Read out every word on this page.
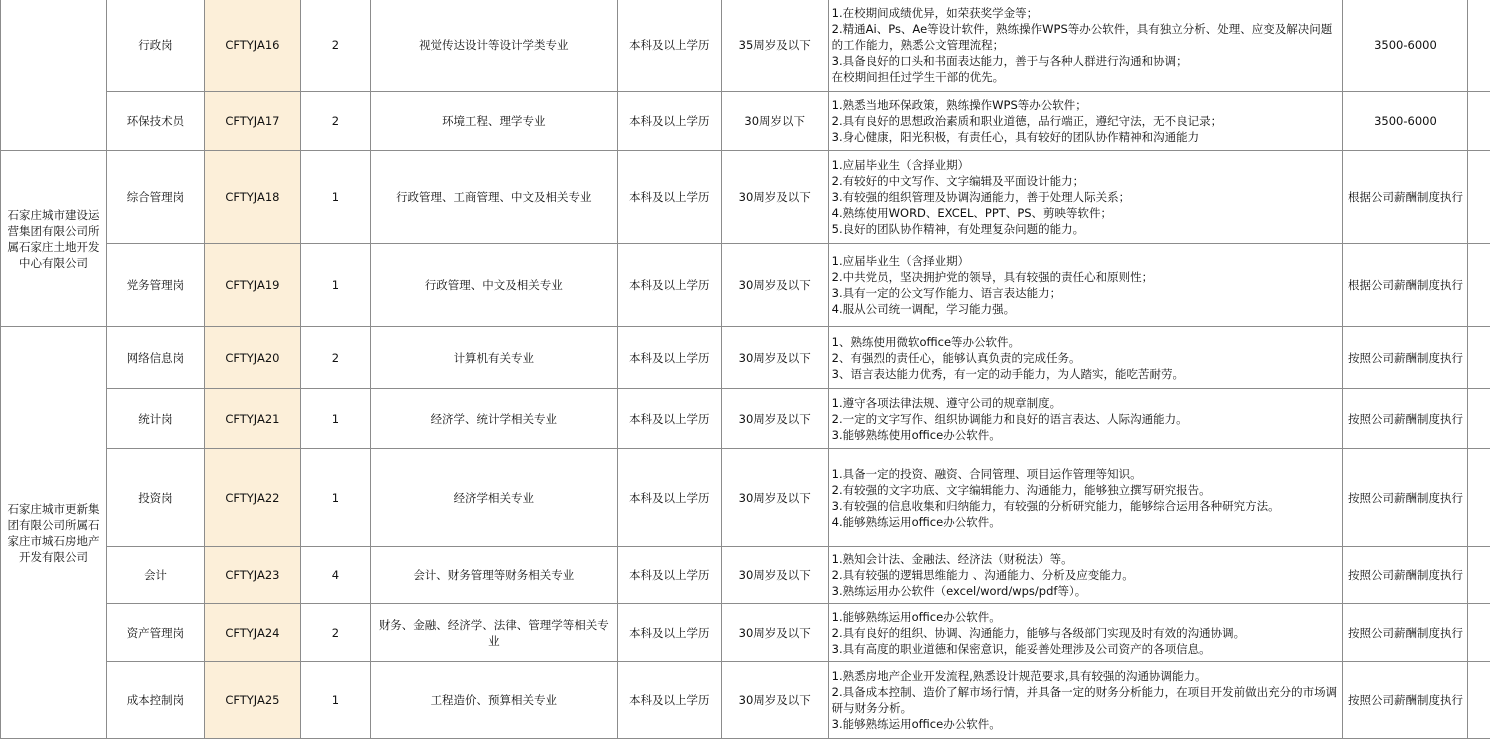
	行政岗	CFTYJA16	2	视觉传达设计等设计学类专业	本科及以上学历	35周岁及以下	1.在校期间成绩优异，如荣获奖学金等；
2.精通Ai、Ps、Ae等设计软件，熟练操作WPS等办公软件，具有独立分析、处理、应变及解决问题的工作能力，熟悉公文管理流程；
3.具备良好的口头和书面表达能力，善于与各种人群进行沟通和协调；
在校期间担任过学生干部的优先。	3500-6000	
	环保技术员	CFTYJA17	2	环境工程、理学专业	本科及以上学历	30周岁以下	1.熟悉当地环保政策，熟练操作WPS等办公软件；
2.具有良好的思想政治素质和职业道德，品行端正，遵纪守法，无不良记录；
3.身心健康，阳光积极，有责任心，具有较好的团队协作精神和沟通能力	3500-6000	
石家庄城市建设运营集团有限公司所属石家庄土地开发中心有限公司	综合管理岗	CFTYJA18	1	行政管理、工商管理、中文及相关专业	本科及以上学历	30周岁及以下	1.应届毕业生（含择业期）
2.有较好的中文写作、文字编辑及平面设计能力；
3.有较强的组织管理及协调沟通能力，善于处理人际关系；
4.熟练使用WORD、EXCEL、PPT、PS、剪映等软件；
5.良好的团队协作精神，有处理复杂问题的能力。	根据公司薪酬制度执行	
	党务管理岗	CFTYJA19	1	行政管理、中文及相关专业	本科及以上学历	30周岁及以下	1.应届毕业生（含择业期）
2.中共党员，坚决拥护党的领导，具有较强的责任心和原则性；
3.具有一定的公文写作能力、语言表达能力；
4.服从公司统一调配，学习能力强。	根据公司薪酬制度执行	
石家庄城市更新集团有限公司所属石家庄市城石房地产开发有限公司	网络信息岗	CFTYJA20	2	计算机有关专业	本科及以上学历	30周岁及以下	1、熟练使用微软office等办公软件。
2、有强烈的责任心，能够认真负责的完成任务。
3、语言表达能力优秀，有一定的动手能力，为人踏实，能吃苦耐劳。	按照公司薪酬制度执行	
	统计岗	CFTYJA21	1	经济学、统计学相关专业	本科及以上学历	30周岁及以下	1.遵守各项法律法规、遵守公司的规章制度。
2.一定的文字写作、组织协调能力和良好的语言表达、人际沟通能力。
3.能够熟练使用office办公软件。	按照公司薪酬制度执行	
	投资岗	CFTYJA22	1	经济学相关专业	本科及以上学历	30周岁及以下	1.具备一定的投资、融资、合同管理、项目运作管理等知识。
2.有较强的文字功底、文字编辑能力、沟通能力，能够独立撰写研究报告。
3.有较强的信息收集和归纳能力，有较强的分析研究能力，能够综合运用各种研究方法。
4.能够熟练运用office办公软件。	按照公司薪酬制度执行	
	会计	CFTYJA23	4	会计、财务管理等财务相关专业	本科及以上学历	30周岁及以下	1.熟知会计法、金融法、经济法（财税法）等。
2.具有较强的逻辑思维能力 、沟通能力、分析及应变能力。
3.熟练运用办公软件（excel/word/wps/pdf等）。	按照公司薪酬制度执行	
	资产管理岗	CFTYJA24	2	财务、金融、经济学、法律、管理学等相关专业	本科及以上学历	30周岁及以下	1.能够熟练运用office办公软件。
2.具有良好的组织、协调、沟通能力，能够与各级部门实现及时有效的沟通协调。
3.具有高度的职业道德和保密意识，能妥善处理涉及公司资产的各项信息。	按照公司薪酬制度执行	
	成本控制岗	CFTYJA25	1	工程造价、预算相关专业	本科及以上学历	30周岁及以下	1.熟悉房地产企业开发流程,熟悉设计规范要求,具有较强的沟通协调能力。
2.具备成本控制、造价了解市场行情，并具备一定的财务分析能力，在项目开发前做出充分的市场调研与财务分析。
3.能够熟练运用office办公软件。	按照公司薪酬制度执行	
